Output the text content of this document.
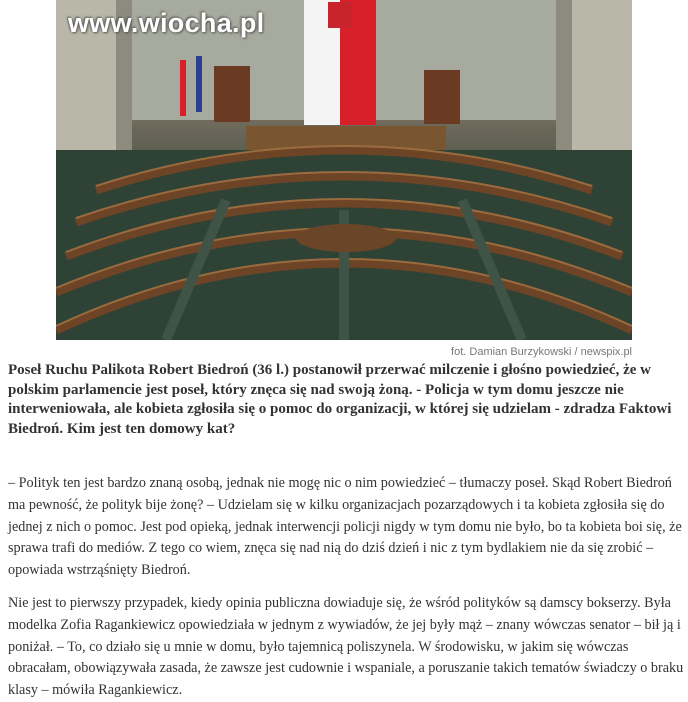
www.wiocha.pl
fot. Damian Burzykowski / newspix.pl

Poseł Ruchu Palikota Robert Biedroń (36 l.) postanowił przerwać milczenie i głośno powiedzieć, że w polskim parlamencie jest poseł, który znęca się nad swoją żoną. - Policja w tym domu jeszcze nie interweniowała, ale kobieta zgłosiła się o pomoc do organizacji, w której się udzielam - zdradza Faktowi Biedroń. Kim jest ten domowy kat?

– Polityk ten jest bardzo znaną osobą, jednak nie mogę nic o nim powiedzieć – tłumaczy poseł. Skąd Robert Biedroń ma pewność, że polityk bije żonę? – Udzielam się w kilku organizacjach pozarządowych i ta kobieta zgłosiła się do jednej z nich o pomoc. Jest pod opieką, jednak interwencji policji nigdy w tym domu nie było, bo ta kobieta boi się, że sprawa trafi do mediów. Z tego co wiem, znęca się nad nią do dziś dzień i nic z tym bydlakiem nie da się zrobić – opowiada wstrząśnięty Biedroń.

Nie jest to pierwszy przypadek, kiedy opinia publiczna dowiaduje się, że wśród polityków są damscy bokserzy. Była modelka Zofia Ragankiewicz opowiedziała w jednym z wywiadów, że jej były mąż – znany wówczas senator – bił ją i poniżał. – To, co działo się u mnie w domu, było tajemnicą poliszynela. W środowisku, w jakim się wówczas obracałam, obowiązywała zasada, że zawsze jest cudownie i wspaniale, a poruszanie takich tematów świadczy o braku klasy – mówiła Ragankiewicz.
